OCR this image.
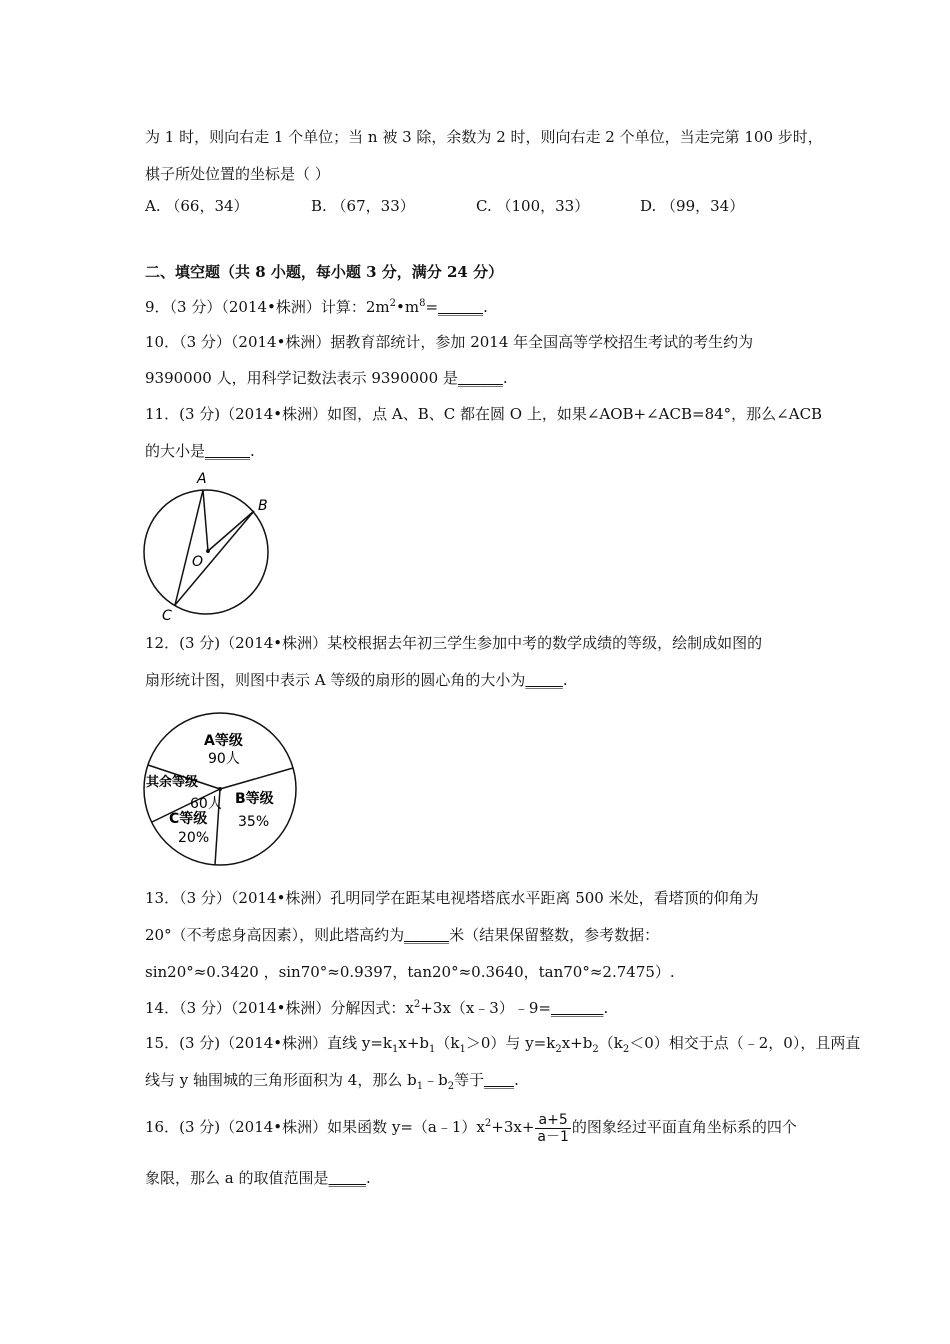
为 1 时，则向右走 1 个单位；当 n 被 3 除，余数为 2 时，则向右走 2 个单位，当走完第 100 步时，
棋子所处位置的坐标是（ ）
A. （66，34）	B. （67，33）	C. （100，33）	D. （99，34）
二、填空题（共 8 小题，每小题 3 分，满分 24 分）
9．（3 分）（2014•株洲）计算：$2m^2•m^8=\_\_\_\_\_\_$.
10．（3 分）（2014•株洲）据教育部统计，参加 2014 年全国高等学校招生考试的考生约为
9390000 人，用科学记数法表示 9390000 是______.
11．(3 分)（2014•株洲）如图，点 A、B、C 都在圆 O 上，如果∠AOB+∠ACB=84°，那么∠ACB
的大小是______.
A
B
C
O
12．(3 分)（2014•株洲）某校根据去年初三学生参加中考的数学成绩的等级，绘制成如图的
扇形统计图，则图中表示 A 等级的扇形的圆心角的大小为_____.
A等级
90人
其余等级
60人 B等级
35%
C等级
20%
13．（3 分）（2014•株洲）孔明同学在距某电视塔塔底水平距离 500 米处，看塔顶的仰角为
20°（不考虑身高因素），则此塔高约为______米（结果保留整数，参考数据：
sin20°≈0.3420 ，sin70°≈0.9397，tan20°≈0.3640，tan70°≈2.7475）.
14．（3 分）（2014•株洲）分解因式：$x^2+3x(x﹣3)﹣9=\_\_\_\_\_\_\_$.
15．(3 分)（2014•株洲）直线 $y=k_1x+b_1(k_1>0)$与 $y=k_2x+b_2(k_2<0)$相交于点（﹣2，0），且两直
线与 y 轴围城的三角形面积为 4，那么 $b_1﹣b_2$等于____.
16．(3 分)（2014•株洲）如果函数 $y=(a﹣1)x^2+3x+ \frac{a+5}{a-1}$ 的图象经过平面直角坐标系的四个
象限，那么 a 的取值范围是_____.
